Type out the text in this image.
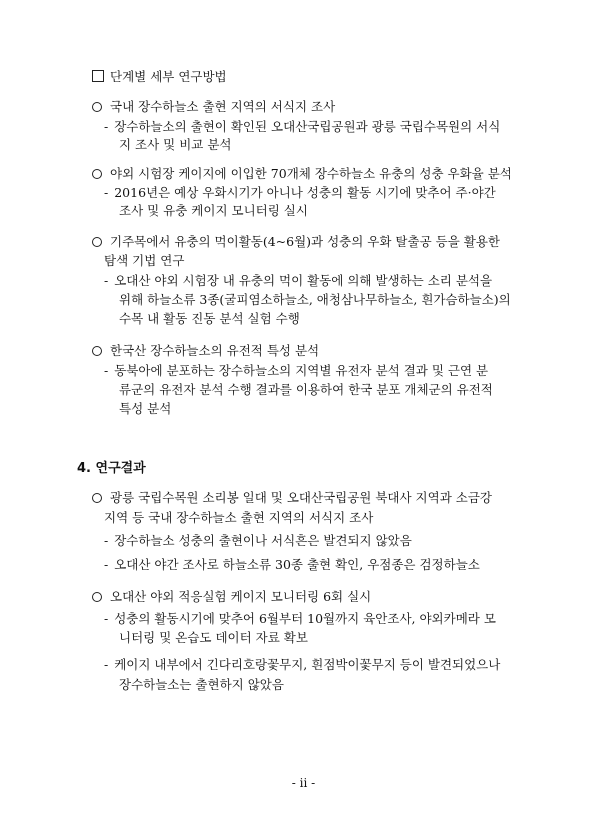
단계별 세부 연구방법
국내 장수하늘소 출현 지역의 서식지 조사
- 장수하늘소의 출현이 확인된 오대산국립공원과 광릉 국립수목원의 서식
지 조사 및 비교 분석
야외 시험장 케이지에 이입한 70개체 장수하늘소 유충의 성충 우화율 분석
- 2016년은 예상 우화시기가 아니나 성충의 활동 시기에 맞추어 주·야간
조사 및 유충 케이지 모니터링 실시
기주목에서 유충의 먹이활동(4~6월)과 성충의 우화 탈출공 등을 활용한
탐색 기법 연구
- 오대산 야외 시험장 내 유충의 먹이 활동에 의해 발생하는 소리 분석을
위해 하늘소류 3종(굴피염소하늘소, 애청삼나무하늘소, 흰가슴하늘소)의
수목 내 활동 진동 분석 실험 수행
한국산 장수하늘소의 유전적 특성 분석
- 동북아에 분포하는 장수하늘소의 지역별 유전자 분석 결과 및 근연 분
류군의 유전자 분석 수행 결과를 이용하여 한국 분포 개체군의 유전적
특성 분석
4. 연구결과
광릉 국립수목원 소리봉 일대 및 오대산국립공원 북대사 지역과 소금강
지역 등 국내 장수하늘소 출현 지역의 서식지 조사
- 장수하늘소 성충의 출현이나 서식흔은 발견되지 않았음
- 오대산 야간 조사로 하늘소류 30종 출현 확인, 우점종은 검정하늘소
오대산 야외 적응실험 케이지 모니터링 6회 실시
- 성충의 활동시기에 맞추어 6월부터 10월까지 육안조사, 야외카메라 모
니터링 및 온습도 데이터 자료 확보
- 케이지 내부에서 긴다리호랑꽃무지, 흰점박이꽃무지 등이 발견되었으나
장수하늘소는 출현하지 않았음
- ii -
